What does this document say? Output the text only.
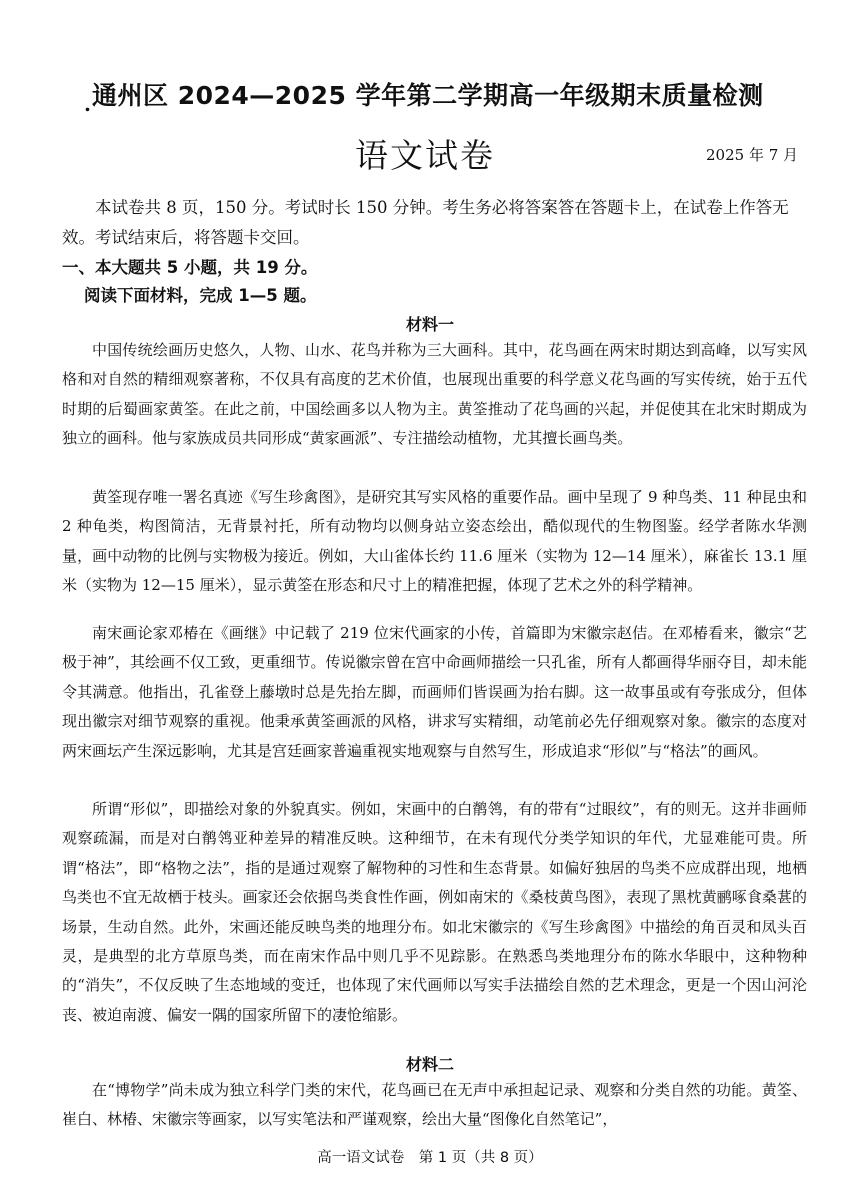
. 通州区 2024—2025 学年第二学期高一年级期末质量检测
语文试卷	2025 年 7 月
本试卷共 8 页，150 分。考试时长 150 分钟。考生务必将答案答在答题卡上，在试卷上作答无效。考试结束后，将答题卡交回。
一、本大题共 5 小题，共 19 分。
阅读下面材料，完成 1—5 题。
材料一
中国传统绘画历史悠久，人物、山水、花鸟并称为三大画科。其中，花鸟画在两宋时期达到高峰，以写实风格和对自然的精细观察著称，不仅具有高度的艺术价值，也展现出重要的科学意义花鸟画的写实传统，始于五代时期的后蜀画家黄筌。在此之前，中国绘画多以人物为主。黄筌推动了花鸟画的兴起，并促使其在北宋时期成为独立的画科。他与家族成员共同形成“黄家画派”、专注描绘动植物，尤其擅长画鸟类。
黄筌现存唯一署名真迹《写生珍禽图》，是研究其写实风格的重要作品。画中呈现了 9 种鸟类、11 种昆虫和 2 种龟类，构图简洁，无背景衬托，所有动物均以侧身站立姿态绘出，酷似现代的生物图鉴。经学者陈水华测量，画中动物的比例与实物极为接近。例如，大山雀体长约 11.6 厘米（实物为 12—14 厘米），麻雀长 13.1 厘米（实物为 12—15 厘米），显示黄筌在形态和尺寸上的精准把握，体现了艺术之外的科学精神。
南宋画论家邓椿在《画继》中记载了 219 位宋代画家的小传，首篇即为宋徽宗赵佶。在邓椿看来，徽宗“艺极于神”，其绘画不仅工致，更重细节。传说徽宗曾在宫中命画师描绘一只孔雀，所有人都画得华丽夺目，却未能令其满意。他指出，孔雀登上藤墩时总是先抬左脚，而画师们皆误画为抬右脚。这一故事虽或有夸张成分，但体现出徽宗对细节观察的重视。他秉承黄筌画派的风格，讲求写实精细，动笔前必先仔细观察对象。徽宗的态度对两宋画坛产生深远影响，尤其是宫廷画家普遍重视实地观察与自然写生，形成追求“形似”与“格法”的画风。
所谓“形似”，即描绘对象的外貌真实。例如，宋画中的白鹡鸰，有的带有“过眼纹”，有的则无。这并非画师观察疏漏，而是对白鹡鸰亚种差异的精准反映。这种细节，在未有现代分类学知识的年代，尤显难能可贵。所谓“格法”，即“格物之法”，指的是通过观察了解物种的习性和生态背景。如偏好独居的鸟类不应成群出现，地栖鸟类也不宜无故栖于枝头。画家还会依据鸟类食性作画，例如南宋的《桑枝黄鸟图》，表现了黑枕黄鹂啄食桑葚的场景，生动自然。此外，宋画还能反映鸟类的地理分布。如北宋徽宗的《写生珍禽图》中描绘的角百灵和凤头百灵，是典型的北方草原鸟类，而在南宋作品中则几乎不见踪影。在熟悉鸟类地理分布的陈水华眼中，这种物种的“消失”，不仅反映了生态地域的变迁，也体现了宋代画师以写实手法描绘自然的艺术理念，更是一个因山河沦丧、被迫南渡、偏安一隅的国家所留下的凄怆缩影。
材料二
在“博物学”尚未成为独立科学门类的宋代，花鸟画已在无声中承担起记录、观察和分类自然的功能。黄筌、崔白、林椿、宋徽宗等画家，以写实笔法和严谨观察，绘出大量“图像化自然笔记”，
高一语文试卷　第 1 页（共 8 页）
